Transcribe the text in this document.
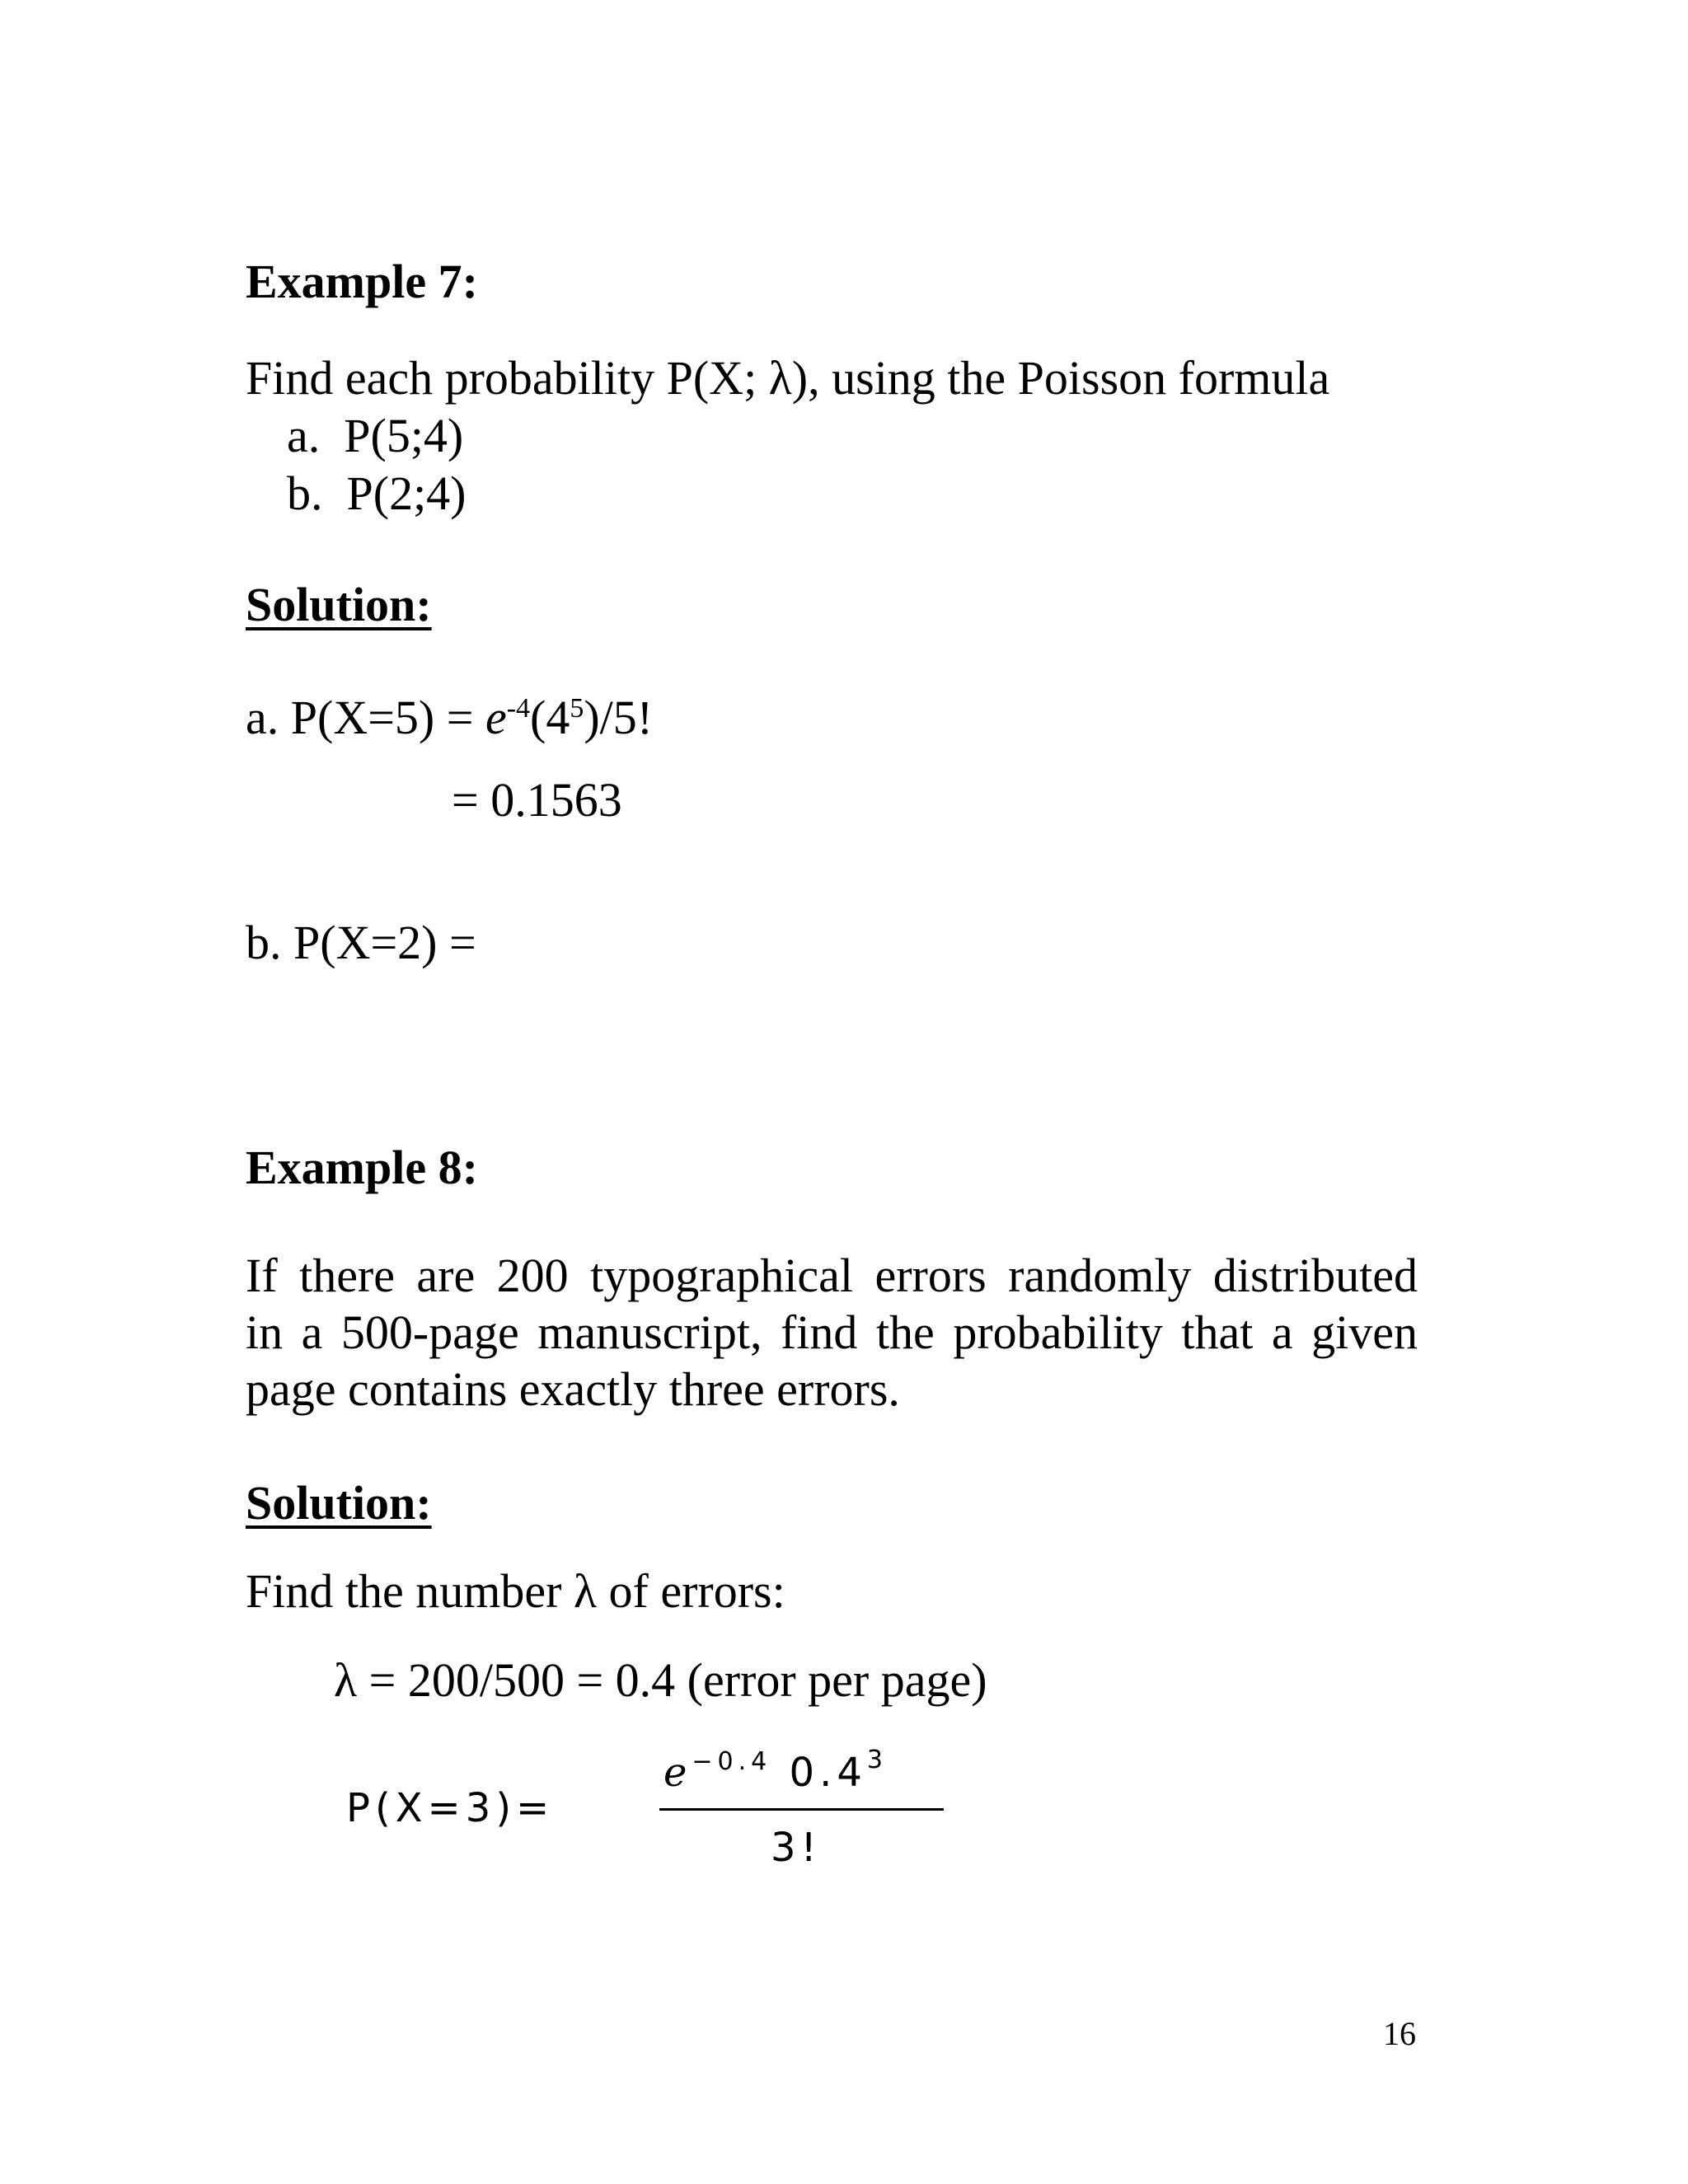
Example 7:
Find each probability P(X; λ), using the Poisson formula
a. P(5;4)
b. P(2;4)
Solution:
a. $P(X=5) = e^{-4}(4^5)/5$!
= 0.1563
b. P(X=2) =
Example 8:
If there are 200 typographical errors randomly distributed
in a 500-page manuscript, find the probability that a given
page contains exactly three errors.
Solution:
Find the number λ of errors:
λ = 200/500 = 0.4 (error per page)
P(X=3)=
$e^{-0.4}$ $0.4^3$
3!
16
